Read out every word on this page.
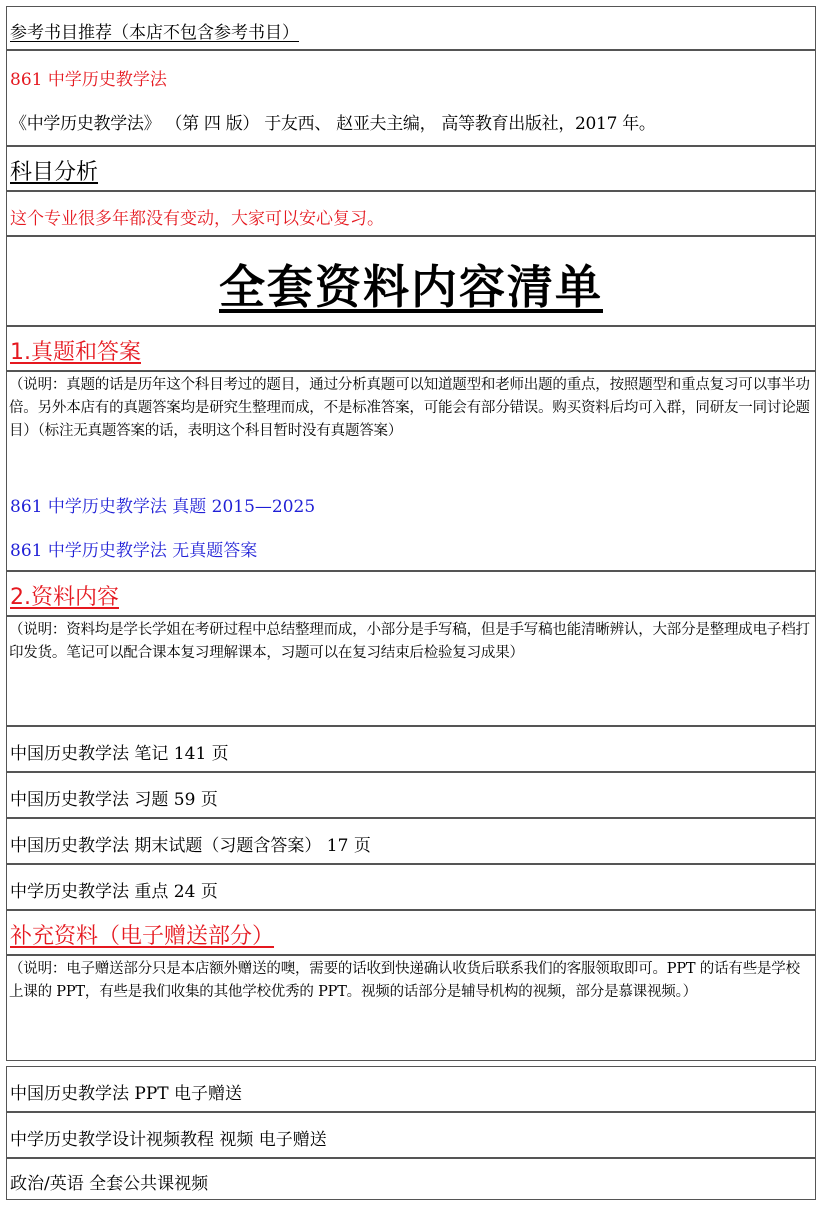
参考书目推荐（本店不包含参考书目）
861 中学历史教学法
《中学历史教学法》 （第 四 版） 于友西、 赵亚夫主编， 高等教育出版社，2017 年。
科目分析
这个专业很多年都没有变动，大家可以安心复习。
全套资料内容清单
1.真题和答案
（说明：真题的话是历年这个科目考过的题目，通过分析真题可以知道题型和老师出题的重点，按照题型和重点复习可以事半功倍。另外本店有的真题答案均是研究生整理而成，不是标准答案，可能会有部分错误。购买资料后均可入群，同研友一同讨论题目）（标注无真题答案的话，表明这个科目暂时没有真题答案）
861 中学历史教学法 真题 2015—2025
861 中学历史教学法 无真题答案
2.资料内容
（说明：资料均是学长学姐在考研过程中总结整理而成，小部分是手写稿，但是手写稿也能清晰辨认，大部分是整理成电子档打印发货。笔记可以配合课本复习理解课本，习题可以在复习结束后检验复习成果）
中国历史教学法 笔记 141 页
中国历史教学法 习题 59 页
中国历史教学法 期末试题（习题含答案） 17 页
中学历史教学法 重点 24 页
补充资料（电子赠送部分）
（说明：电子赠送部分只是本店额外赠送的噢，需要的话收到快递确认收货后联系我们的客服领取即可。PPT 的话有些是学校上课的 PPT，有些是我们收集的其他学校优秀的 PPT。视频的话部分是辅导机构的视频，部分是慕课视频。）
中国历史教学法 PPT 电子赠送
中学历史教学设计视频教程 视频 电子赠送
政治/英语 全套公共课视频
